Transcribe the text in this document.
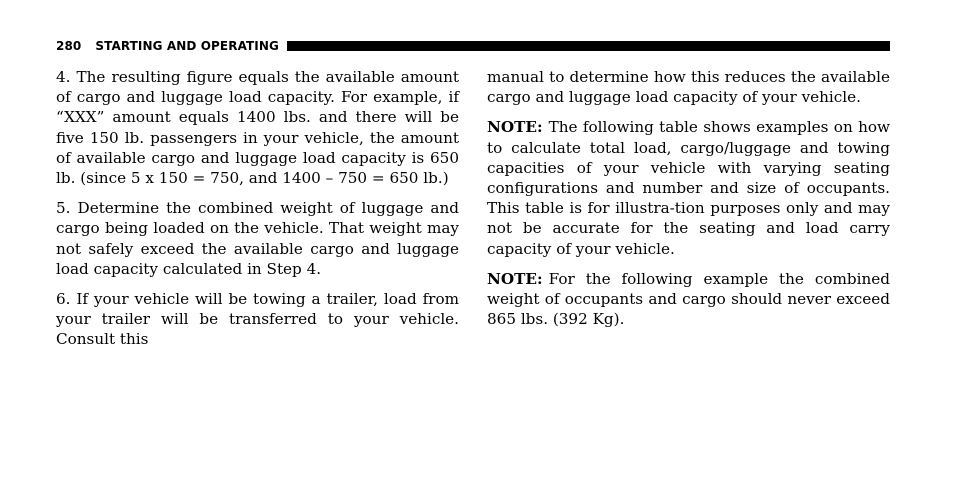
280 STARTING AND OPERATING

4. The resulting figure equals the available amount of cargo and luggage load capacity. For example, if “XXX” amount equals 1400 lbs. and there will be five 150 lb. passengers in your vehicle, the amount of available cargo and luggage load capacity is 650 lb. (since 5 x 150 = 750, and 1400 – 750 = 650 lb.)

5. Determine the combined weight of luggage and cargo being loaded on the vehicle. That weight may not safely exceed the available cargo and luggage load capacity calculated in Step 4.

6. If your vehicle will be towing a trailer, load from your trailer will be transferred to your vehicle. Consult this

manual to determine how this reduces the available cargo and luggage load capacity of your vehicle.

NOTE: The following table shows examples on how to calculate total load, cargo/luggage and towing capacities of your vehicle with varying seating configurations and number and size of occupants. This table is for illustra-tion purposes only and may not be accurate for the seating and load carry capacity of your vehicle.

NOTE: For the following example the combined weight of occupants and cargo should never exceed 865 lbs. (392 Kg).
